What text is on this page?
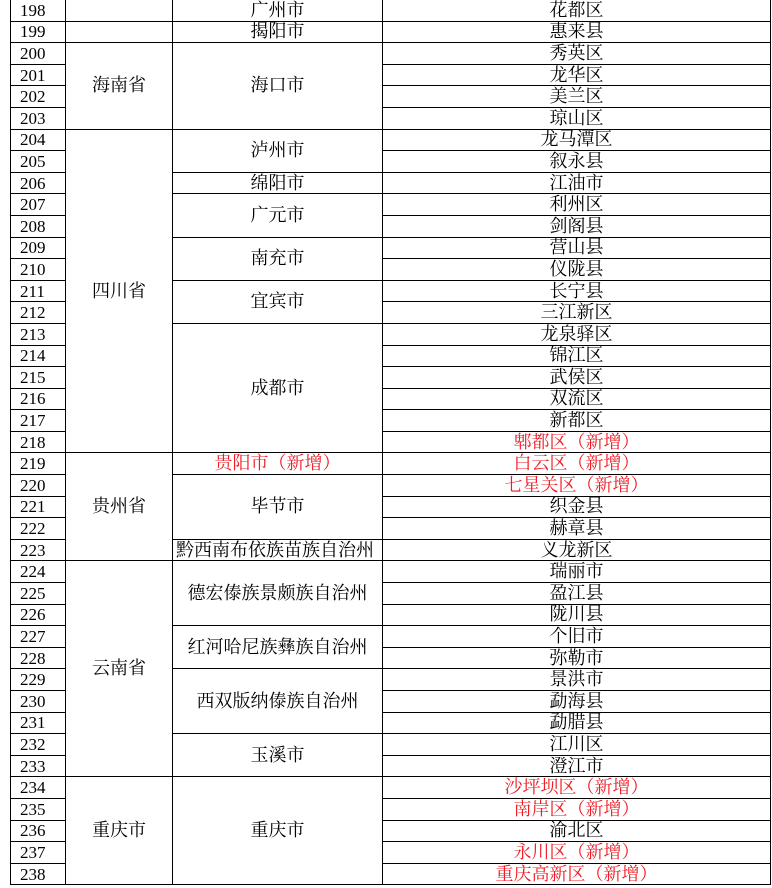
198		广州市	花都区
199		揭阳市	惠来县
200	海南省	海口市	秀英区
201			龙华区
202			美兰区
203			琼山区
204	四川省	泸州市	龙马潭区
205			叙永县
206		绵阳市	江油市
207		广元市	利州区
208			剑阁县
209		南充市	营山县
210			仪陇县
211		宜宾市	长宁县
212			三江新区
213		成都市	龙泉驿区
214			锦江区
215			武侯区
216			双流区
217			新都区
218			郫都区（新增）
219	贵州省	贵阳市（新增）	白云区（新增）
220		毕节市	七星关区（新增）
221			织金县
222			赫章县
223		黔西南布依族苗族自治州	义龙新区
224	云南省	德宏傣族景颇族自治州	瑞丽市
225			盈江县
226			陇川县
227		红河哈尼族彝族自治州	个旧市
228			弥勒市
229		西双版纳傣族自治州	景洪市
230			勐海县
231			勐腊县
232		玉溪市	江川区
233			澄江市
234	重庆市	重庆市	沙坪坝区（新增）
235			南岸区（新增）
236			渝北区
237			永川区（新增）
238			重庆高新区（新增）
